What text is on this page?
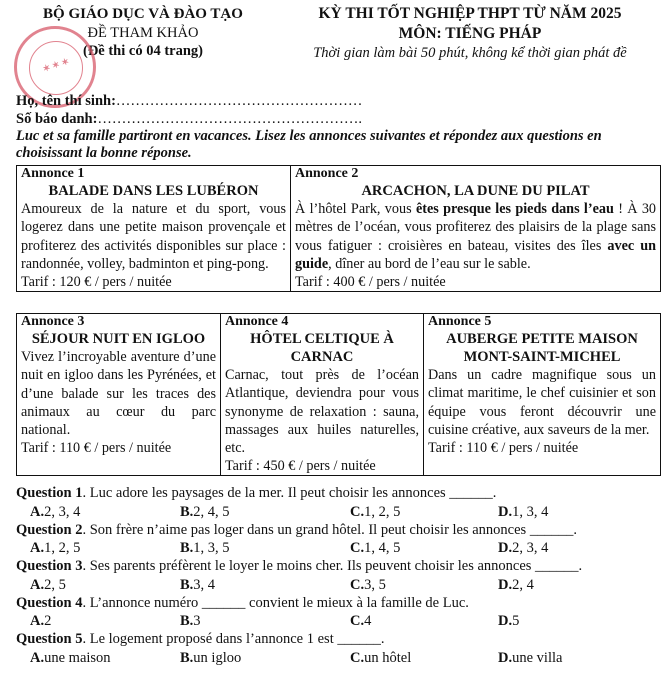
BỘ GIÁO DỤC VÀ ĐÀO TẠO
ĐỀ THAM KHẢO
(Đề thi có 04 trang)
✶ ✶ ✶
KỲ THI TỐT NGHIỆP THPT TỪ NĂM 2025
MÔN: TIẾNG PHÁP
Thời gian làm bài 50 phút, không kể thời gian phát đề
Họ, tên thí sinh:……………………………………………
Số báo danh:……………………………………………….
Luc et sa famille partiront en vacances. Lisez les annonces suivantes et répondez aux questions en choisissant la bonne réponse.
Annonce 1
BALADE DANS LES LUBÉRON
Amoureux de la nature et du sport, vous logerez dans une petite maison provençale et profiterez des activités disponibles sur place : randonnée, volley, badminton et ping-pong.
Tarif : 120 € / pers / nuitée

Annonce 2
ARCACHON, LA DUNE DU PILAT
À l’hôtel Park, vous êtes presque les pieds dans l’eau ! À 30 mètres de l’océan, vous profiterez des plaisirs de la plage sans vous fatiguer : croisières en bateau, visites des îles avec un guide, dîner au bord de l’eau sur le sable.
Tarif : 400 € / pers / nuitée
Annonce 3
SÉJOUR NUIT EN IGLOO
Vivez l’incroyable aventure d’une nuit en igloo dans les Pyrénées, et d’une balade sur les traces des animaux au cœur du parc national.
Tarif : 110 € / pers / nuitée

Annonce 4
HÔTEL CELTIQUE À CARNAC
Carnac, tout près de l’océan Atlantique, deviendra pour vous synonyme de relaxation : sauna, massages aux huiles naturelles, etc.
Tarif : 450 € / pers / nuitée

Annonce 5
AUBERGE PETITE MAISON MONT-SAINT-MICHEL
Dans un cadre magnifique sous un climat maritime, le chef cuisinier et son équipe vous feront découvrir une cuisine créative, aux saveurs de la mer.
Tarif : 110 € / pers / nuitée
Question 1. Luc adore les paysages de la mer. Il peut choisir les annonces ______.
A.2, 3, 4	B.2, 4, 5	C.1, 2, 5	D.1, 3, 4
Question 2. Son frère n’aime pas loger dans un grand hôtel. Il peut choisir les annonces ______.
A.1, 2, 5	B.1, 3, 5	C.1, 4, 5	D.2, 3, 4
Question 3. Ses parents préfèrent le loyer le moins cher. Ils peuvent choisir les annonces ______.
A.2, 5	B.3, 4	C.3, 5	D.2, 4
Question 4. L’annonce numéro ______ convient le mieux à la famille de Luc.
A.2	B.3	C.4	D.5
Question 5. Le logement proposé dans l’annonce 1 est ______.
A.une maison	B.un igloo	C.un hôtel	D.une villa
